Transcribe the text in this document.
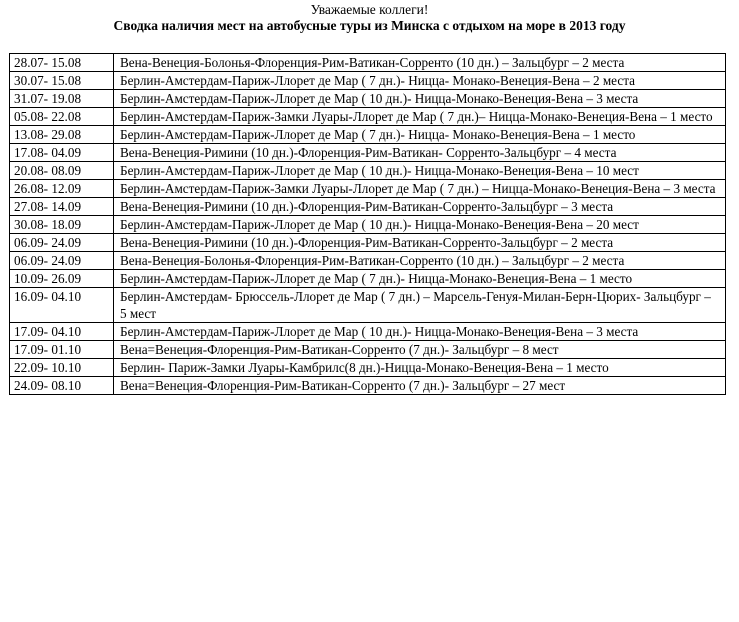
Уважаемые коллеги!
Сводка наличия мест на автобусные туры из Минска с отдыхом на море в 2013 году
28.07- 15.08	Вена-Венеция-Болонья-Флоренция-Рим-Ватикан-Сорренто (10 дн.) – Зальцбург – 2 места
30.07- 15.08	Берлин-Амстердам-Париж-Ллорет де Мар ( 7 дн.)- Ницца- Монако-Венеция-Вена – 2 места
31.07- 19.08	Берлин-Амстердам-Париж-Ллорет де Мар ( 10 дн.)- Ницца-Монако-Венеция-Вена – 3 места
05.08- 22.08	Берлин-Амстердам-Париж-Замки Луары-Ллорет де Мар ( 7 дн.)– Ницца-Монако-Венеция-Вена – 1 место
13.08- 29.08	Берлин-Амстердам-Париж-Ллорет де Мар ( 7 дн.)- Ницца- Монако-Венеция-Вена – 1 место
17.08- 04.09	Вена-Венеция-Римини (10 дн.)-Флоренция-Рим-Ватикан- Сорренто-Зальцбург – 4 места
20.08- 08.09	Берлин-Амстердам-Париж-Ллорет де Мар ( 10 дн.)- Ницца-Монако-Венеция-Вена – 10 мест
26.08- 12.09	Берлин-Амстердам-Париж-Замки Луары-Ллорет де Мар ( 7 дн.) – Ницца-Монако-Венеция-Вена – 3 места
27.08- 14.09	Вена-Венеция-Римини (10 дн.)-Флоренция-Рим-Ватикан-Сорренто-Зальцбург – 3 места
30.08- 18.09	Берлин-Амстердам-Париж-Ллорет де Мар ( 10 дн.)- Ницца-Монако-Венеция-Вена – 20 мест
06.09- 24.09	Вена-Венеция-Римини (10 дн.)-Флоренция-Рим-Ватикан-Сорренто-Зальцбург – 2 места
06.09- 24.09	Вена-Венеция-Болонья-Флоренция-Рим-Ватикан-Сорренто (10 дн.) – Зальцбург – 2 места
10.09- 26.09	Берлин-Амстердам-Париж-Ллорет де Мар ( 7 дн.)- Ницца-Монако-Венеция-Вена – 1 место
16.09- 04.10	Берлин-Амстердам- Брюссель-Ллорет де Мар ( 7 дн.) – Марсель-Генуя-Милан-Берн-Цюрих- Зальцбург – 5 мест
17.09- 04.10	Берлин-Амстердам-Париж-Ллорет де Мар ( 10 дн.)- Ницца-Монако-Венеция-Вена – 3 места
17.09- 01.10	Вена=Венеция-Флоренция-Рим-Ватикан-Сорренто (7 дн.)- Зальцбург – 8 мест
22.09- 10.10	Берлин- Париж-Замки Луары-Камбрилс(8 дн.)-Ницца-Монако-Венеция-Вена – 1 место
24.09- 08.10	Вена=Венеция-Флоренция-Рим-Ватикан-Сорренто (7 дн.)- Зальцбург – 27 мест
